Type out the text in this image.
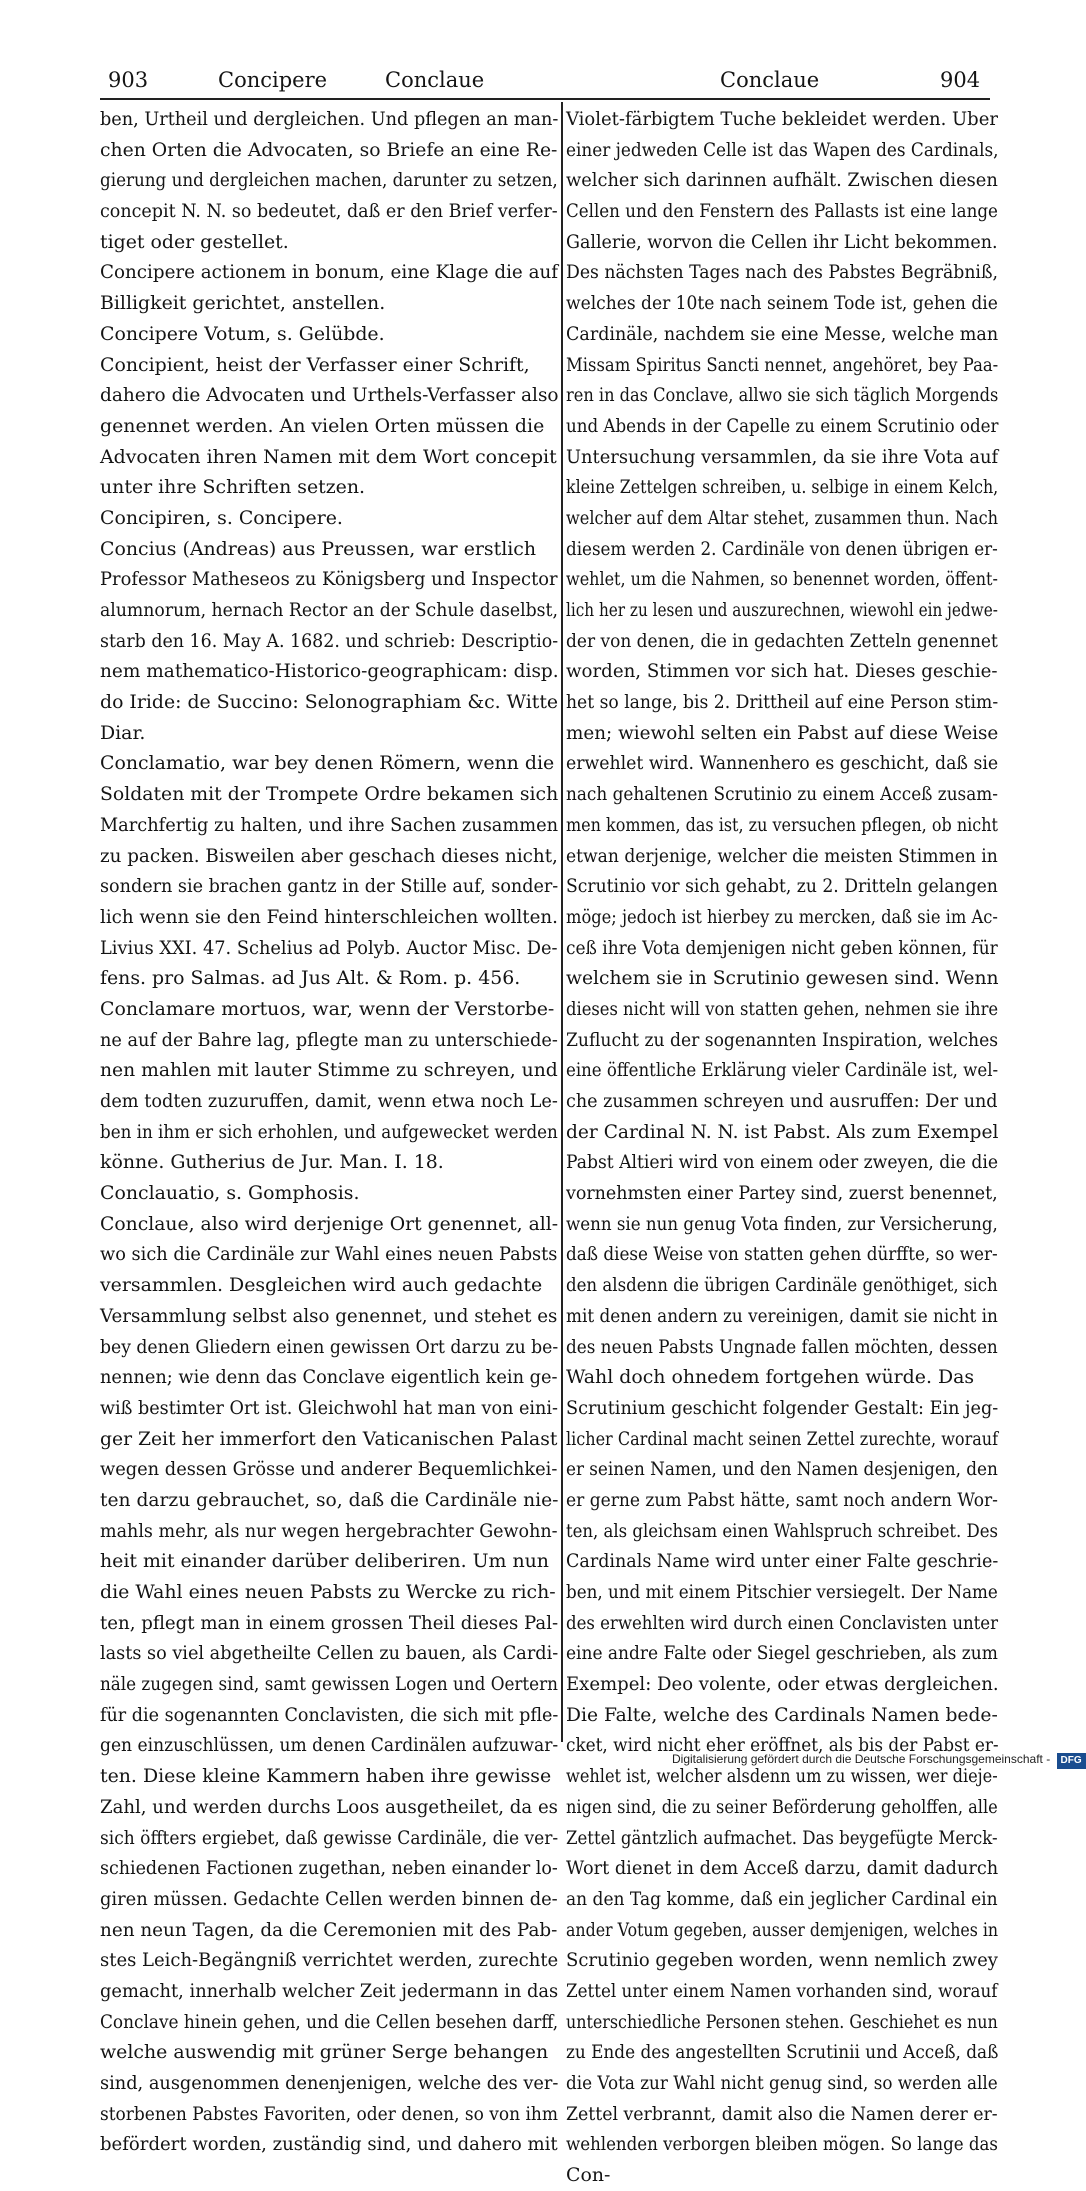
903	Concipere	Conclaue	Conclaue	904
ben, Urtheil und dergleichen. Und pflegen an man-
chen Orten die Advocaten, so Briefe an eine Re-
gierung und dergleichen machen, darunter zu setzen,
concepit N. N. so bedeutet, daß er den Brief verfer-
tiget oder gestellet.
Concipere actionem in bonum, eine Klage die auf
Billigkeit gerichtet, anstellen.
Concipere Votum, s. Gelübde.
Concipient, heist der Verfasser einer Schrift,
dahero die Advocaten und Urthels-Verfasser also
genennet werden. An vielen Orten müssen die
Advocaten ihren Namen mit dem Wort concepit
unter ihre Schriften setzen.
Concipiren, s. Concipere.
Concius (Andreas) aus Preussen, war erstlich
Professor Matheseos zu Königsberg und Inspector
alumnorum, hernach Rector an der Schule daselbst,
starb den 16. May A. 1682. und schrieb: Descriptio-
nem mathematico-Historico-geographicam: disp.
do Iride: de Succino: Selonographiam &c. Witte
Diar.
Conclamatio, war bey denen Römern, wenn die
Soldaten mit der Trompete Ordre bekamen sich
Marchfertig zu halten, und ihre Sachen zusammen
zu packen. Bisweilen aber geschach dieses nicht,
sondern sie brachen gantz in der Stille auf, sonder-
lich wenn sie den Feind hinterschleichen wollten.
Livius XXI. 47. Schelius ad Polyb. Auctor Misc. De-
fens. pro Salmas. ad Jus Alt. & Rom. p. 456.
Conclamare mortuos, war, wenn der Verstorbe-
ne auf der Bahre lag, pflegte man zu unterschiede-
nen mahlen mit lauter Stimme zu schreyen, und
dem todten zuzuruffen, damit, wenn etwa noch Le-
ben in ihm er sich erhohlen, und aufgewecket werden
könne. Gutherius de Jur. Man. I. 18.
Conclauatio, s. Gomphosis.
Conclaue, also wird derjenige Ort genennet, all-
wo sich die Cardinäle zur Wahl eines neuen Pabsts
versammlen. Desgleichen wird auch gedachte
Versammlung selbst also genennet, und stehet es
bey denen Gliedern einen gewissen Ort darzu zu be-
nennen; wie denn das Conclave eigentlich kein ge-
wiß bestimter Ort ist. Gleichwohl hat man von eini-
ger Zeit her immerfort den Vaticanischen Palast
wegen dessen Grösse und anderer Bequemlichkei-
ten darzu gebrauchet, so, daß die Cardinäle nie-
mahls mehr, als nur wegen hergebrachter Gewohn-
heit mit einander darüber deliberiren. Um nun
die Wahl eines neuen Pabsts zu Wercke zu rich-
ten, pflegt man in einem grossen Theil dieses Pal-
lasts so viel abgetheilte Cellen zu bauen, als Cardi-
näle zugegen sind, samt gewissen Logen und Oertern
für die sogenannten Conclavisten, die sich mit pfle-
gen einzuschlüssen, um denen Cardinälen aufzuwar-
ten. Diese kleine Kammern haben ihre gewisse
Zahl, und werden durchs Loos ausgetheilet, da es
sich öffters ergiebet, daß gewisse Cardinäle, die ver-
schiedenen Factionen zugethan, neben einander lo-
giren müssen. Gedachte Cellen werden binnen de-
nen neun Tagen, da die Ceremonien mit des Pab-
stes Leich-Begängniß verrichtet werden, zurechte
gemacht, innerhalb welcher Zeit jedermann in das
Conclave hinein gehen, und die Cellen besehen darff,
welche auswendig mit grüner Serge behangen
sind, ausgenommen denenjenigen, welche des ver-
storbenen Pabstes Favoriten, oder denen, so von ihm
befördert worden, zuständig sind, und dahero mit
Violet-färbigtem Tuche bekleidet werden. Uber
einer jedweden Celle ist das Wapen des Cardinals,
welcher sich darinnen aufhält. Zwischen diesen
Cellen und den Fenstern des Pallasts ist eine lange
Gallerie, worvon die Cellen ihr Licht bekommen.
Des nächsten Tages nach des Pabstes Begräbniß,
welches der 10te nach seinem Tode ist, gehen die
Cardinäle, nachdem sie eine Messe, welche man
Missam Spiritus Sancti nennet, angehöret, bey Paa-
ren in das Conclave, allwo sie sich täglich Morgends
und Abends in der Capelle zu einem Scrutinio oder
Untersuchung versammlen, da sie ihre Vota auf
kleine Zettelgen schreiben, u. selbige in einem Kelch,
welcher auf dem Altar stehet, zusammen thun. Nach
diesem werden 2. Cardinäle von denen übrigen er-
wehlet, um die Nahmen, so benennet worden, öffent-
lich her zu lesen und auszurechnen, wiewohl ein jedwe-
der von denen, die in gedachten Zetteln genennet
worden, Stimmen vor sich hat. Dieses geschie-
het so lange, bis 2. Drittheil auf eine Person stim-
men; wiewohl selten ein Pabst auf diese Weise
erwehlet wird. Wannenhero es geschicht, daß sie
nach gehaltenen Scrutinio zu einem Acceß zusam-
men kommen, das ist, zu versuchen pflegen, ob nicht
etwan derjenige, welcher die meisten Stimmen in
Scrutinio vor sich gehabt, zu 2. Dritteln gelangen
möge; jedoch ist hierbey zu mercken, daß sie im Ac-
ceß ihre Vota demjenigen nicht geben können, für
welchem sie in Scrutinio gewesen sind. Wenn
dieses nicht will von statten gehen, nehmen sie ihre
Zuflucht zu der sogenannten Inspiration, welches
eine öffentliche Erklärung vieler Cardinäle ist, wel-
che zusammen schreyen und ausruffen: Der und
der Cardinal N. N. ist Pabst. Als zum Exempel
Pabst Altieri wird von einem oder zweyen, die die
vornehmsten einer Partey sind, zuerst benennet,
wenn sie nun genug Vota finden, zur Versicherung,
daß diese Weise von statten gehen dürffte, so wer-
den alsdenn die übrigen Cardinäle genöthiget, sich
mit denen andern zu vereinigen, damit sie nicht in
des neuen Pabsts Ungnade fallen möchten, dessen
Wahl doch ohnedem fortgehen würde. Das
Scrutinium geschicht folgender Gestalt: Ein jeg-
licher Cardinal macht seinen Zettel zurechte, worauf
er seinen Namen, und den Namen desjenigen, den
er gerne zum Pabst hätte, samt noch andern Wor-
ten, als gleichsam einen Wahlspruch schreibet. Des
Cardinals Name wird unter einer Falte geschrie-
ben, und mit einem Pitschier versiegelt. Der Name
des erwehlten wird durch einen Conclavisten unter
eine andre Falte oder Siegel geschrieben, als zum
Exempel: Deo volente, oder etwas dergleichen.
Die Falte, welche des Cardinals Namen bede-
cket, wird nicht eher eröffnet, als bis der Pabst er-
wehlet ist, welcher alsdenn um zu wissen, wer dieje-
nigen sind, die zu seiner Beförderung geholffen, alle
Zettel gäntzlich aufmachet. Das beygefügte Merck-
Wort dienet in dem Acceß darzu, damit dadurch
an den Tag komme, daß ein jeglicher Cardinal ein
ander Votum gegeben, ausser demjenigen, welches in
Scrutinio gegeben worden, wenn nemlich zwey
Zettel unter einem Namen vorhanden sind, worauf
unterschiedliche Personen stehen. Geschiehet es nun
zu Ende des angestellten Scrutinii und Acceß, daß
die Vota zur Wahl nicht genug sind, so werden alle
Zettel verbrannt, damit also die Namen derer er-
wehlenden verborgen bleiben mögen. So lange das
Con-
Digitalisierung gefördert durch die Deutsche Forschungsgemeinschaft - DFG
